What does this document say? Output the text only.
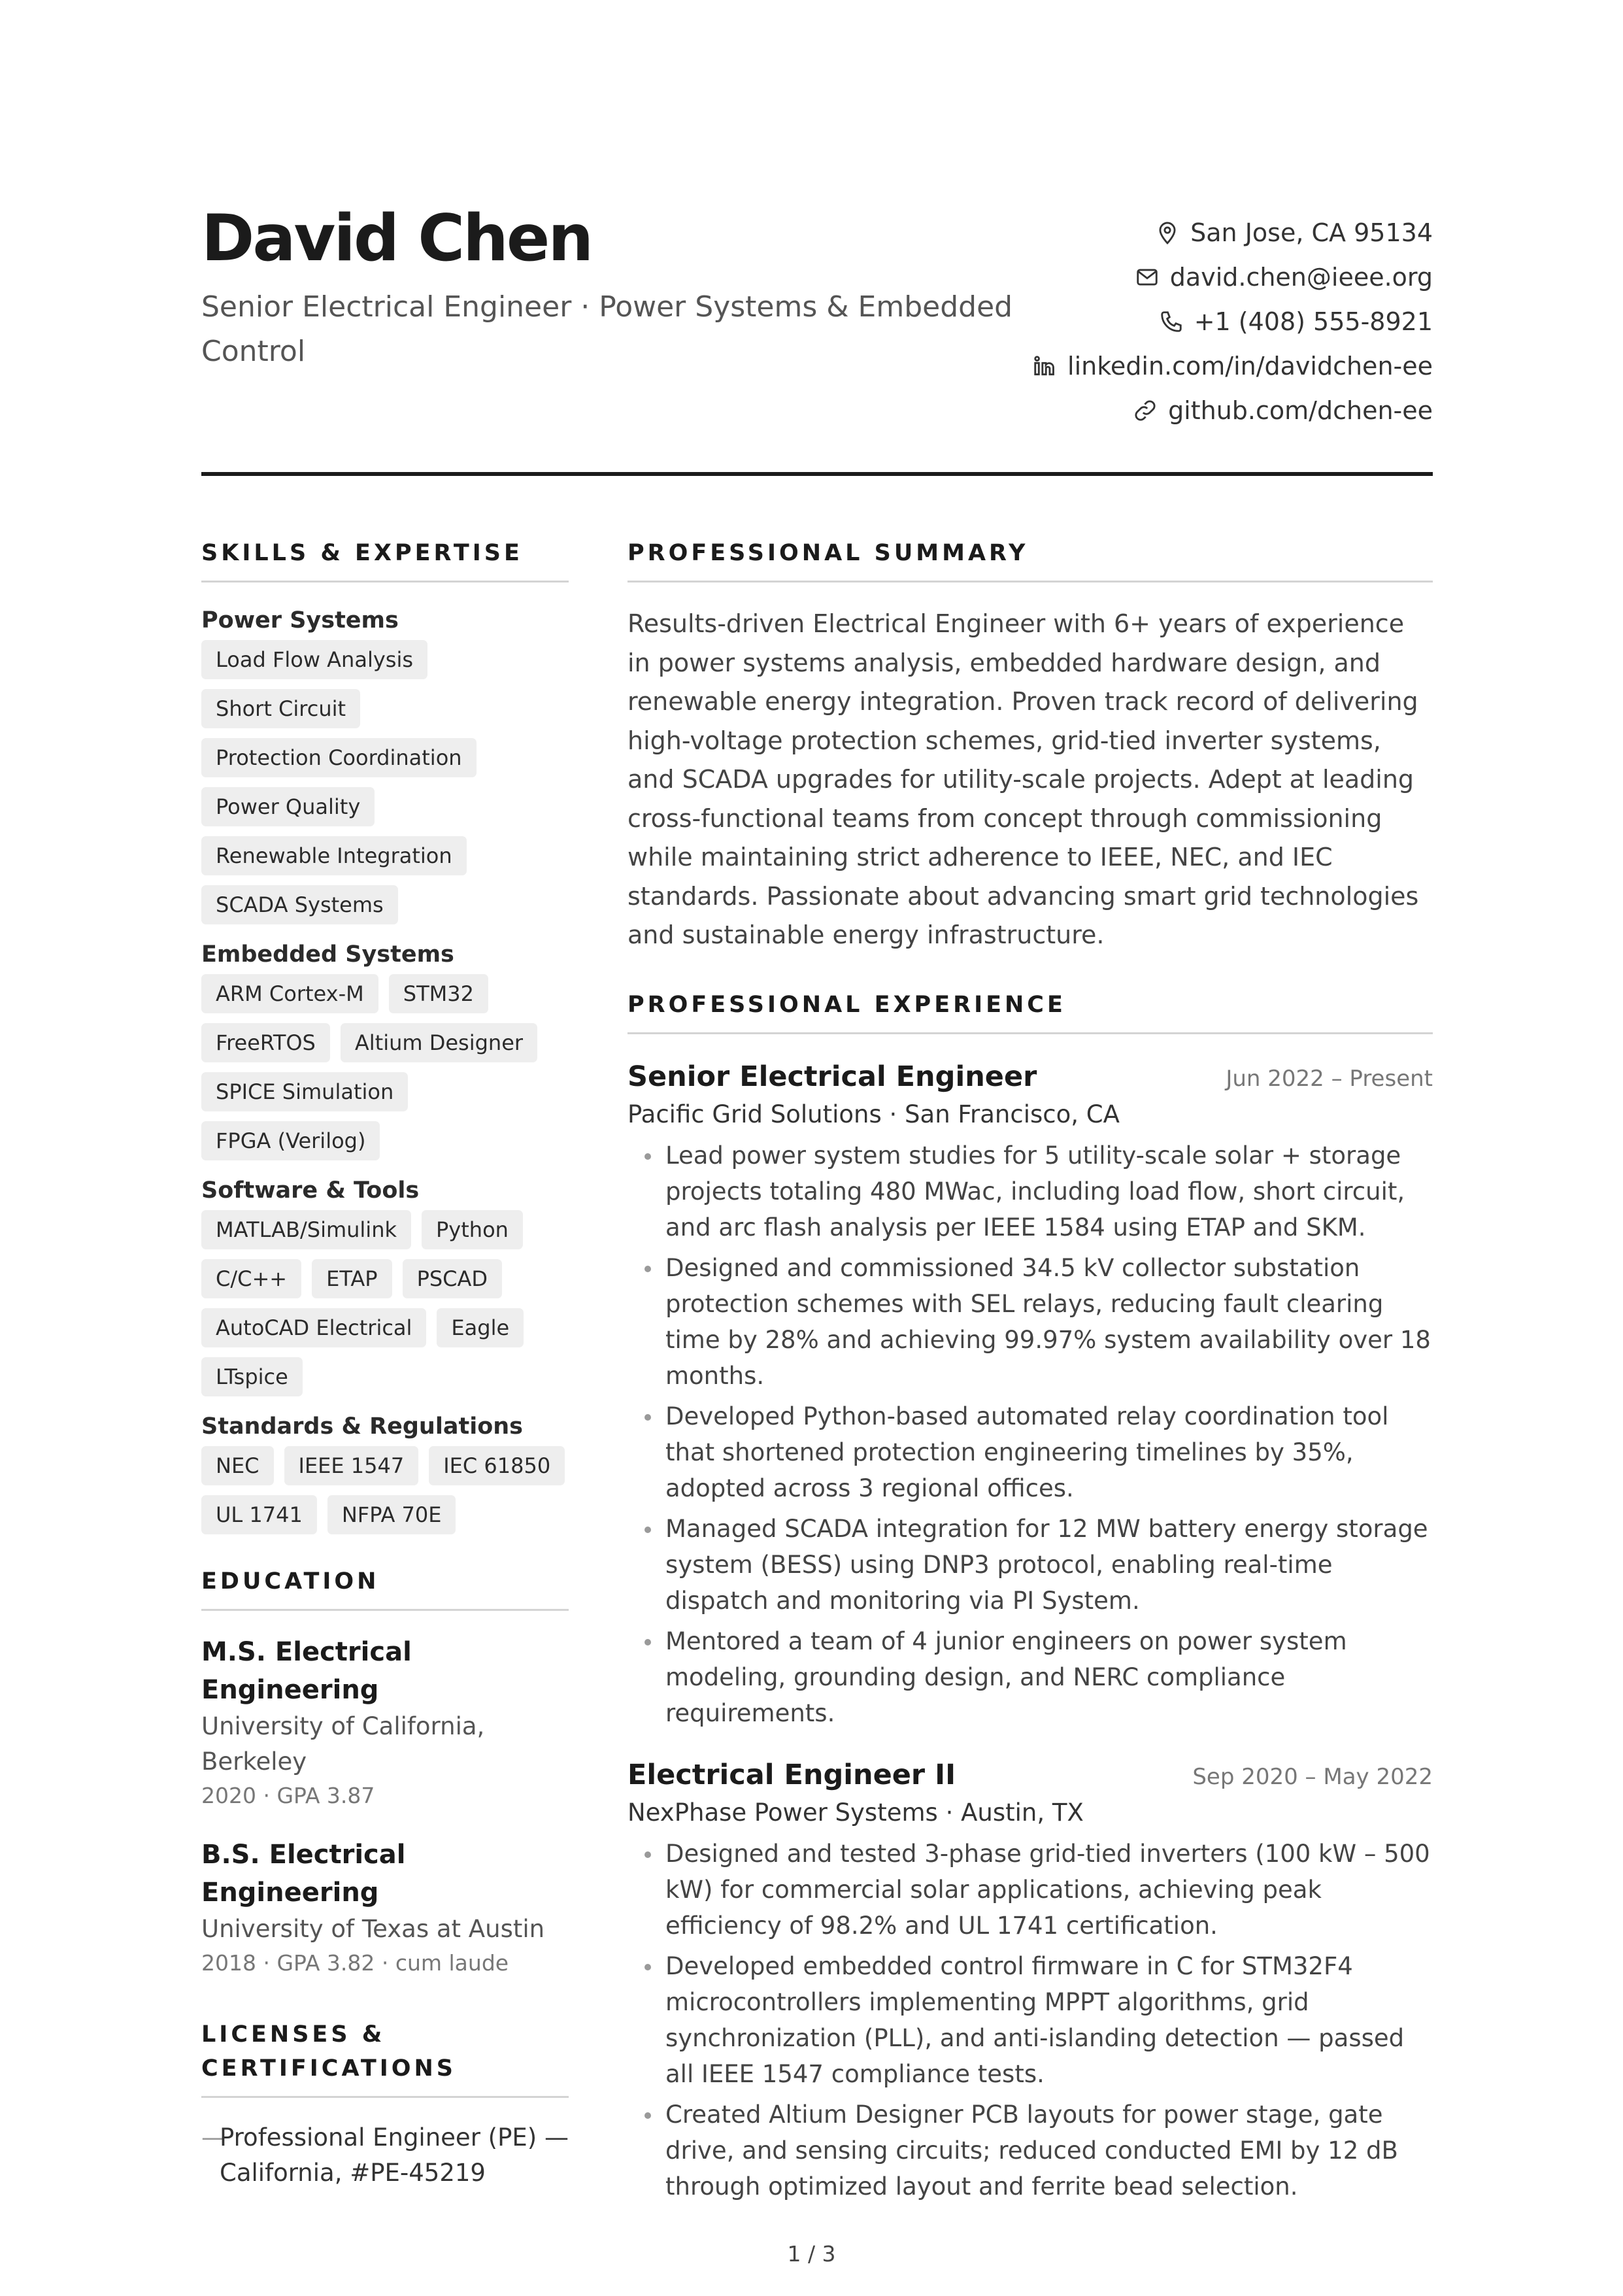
David Chen

Senior Electrical Engineer · Power Systems & Embedded Control

San Jose, CA 95134
david.chen@ieee.org
+1 (408) 555-8921
linkedin.com/in/davidchen-ee
github.com/dchen-ee
SKILLS & EXPERTISE
Power Systems
Load Flow Analysis
Short Circuit
Protection Coordination
Power Quality
Renewable Integration
SCADA Systems
Embedded Systems
ARM Cortex-M	STM32
FreeRTOS	Altium Designer
SPICE Simulation
FPGA (Verilog)
Software & Tools
MATLAB/Simulink	Python
C/C++	ETAP	PSCAD
AutoCAD Electrical	Eagle
LTspice
Standards & Regulations
NEC	IEEE 1547	IEC 61850
UL 1741	NFPA 70E
EDUCATION

M.S. Electrical Engineering

University of California, Berkeley

2020 · GPA 3.87

B.S. Electrical Engineering

University of Texas at Austin

2018 · GPA 3.82 · cum laude

LICENSES & CERTIFICATIONS
—
Professional Engineer (PE) — California, #PE-45219
PROFESSIONAL SUMMARY

Results-driven Electrical Engineer with 6+ years of experience in power systems analysis, embedded hardware design, and renewable energy integration. Proven track record of delivering high-voltage protection schemes, grid-tied inverter systems, and SCADA upgrades for utility-scale projects. Adept at leading cross-functional teams from concept through commissioning while maintaining strict adherence to IEEE, NEC, and IEC standards. Passionate about advancing smart grid technologies and sustainable energy infrastructure.

PROFESSIONAL EXPERIENCE
Senior Electrical Engineer	Jun 2022 – Present
Pacific Grid Solutions · San Francisco, CA
Lead power system studies for 5 utility-scale solar + storage projects totaling 480 MWac, including load flow, short circuit, and arc flash analysis per IEEE 1584 using ETAP and SKM.
Designed and commissioned 34.5 kV collector substation protection schemes with SEL relays, reducing fault clearing time by 28% and achieving 99.97% system availability over 18 months.
Developed Python-based automated relay coordination tool that shortened protection engineering timelines by 35%, adopted across 3 regional offices.
Managed SCADA integration for 12 MW battery energy storage system (BESS) using DNP3 protocol, enabling real-time dispatch and monitoring via PI System.
Mentored a team of 4 junior engineers on power system modeling, grounding design, and NERC compliance requirements.
Electrical Engineer II	Sep 2020 – May 2022
NexPhase Power Systems · Austin, TX
Designed and tested 3-phase grid-tied inverters (100 kW – 500 kW) for commercial solar applications, achieving peak efficiency of 98.2% and UL 1741 certification.
Developed embedded control firmware in C for STM32F4 microcontrollers implementing MPPT algorithms, grid synchronization (PLL), and anti-islanding detection — passed all IEEE 1547 compliance tests.
Created Altium Designer PCB layouts for power stage, gate drive, and sensing circuits; reduced conducted EMI by 12 dB through optimized layout and ferrite bead selection.
1 / 3
